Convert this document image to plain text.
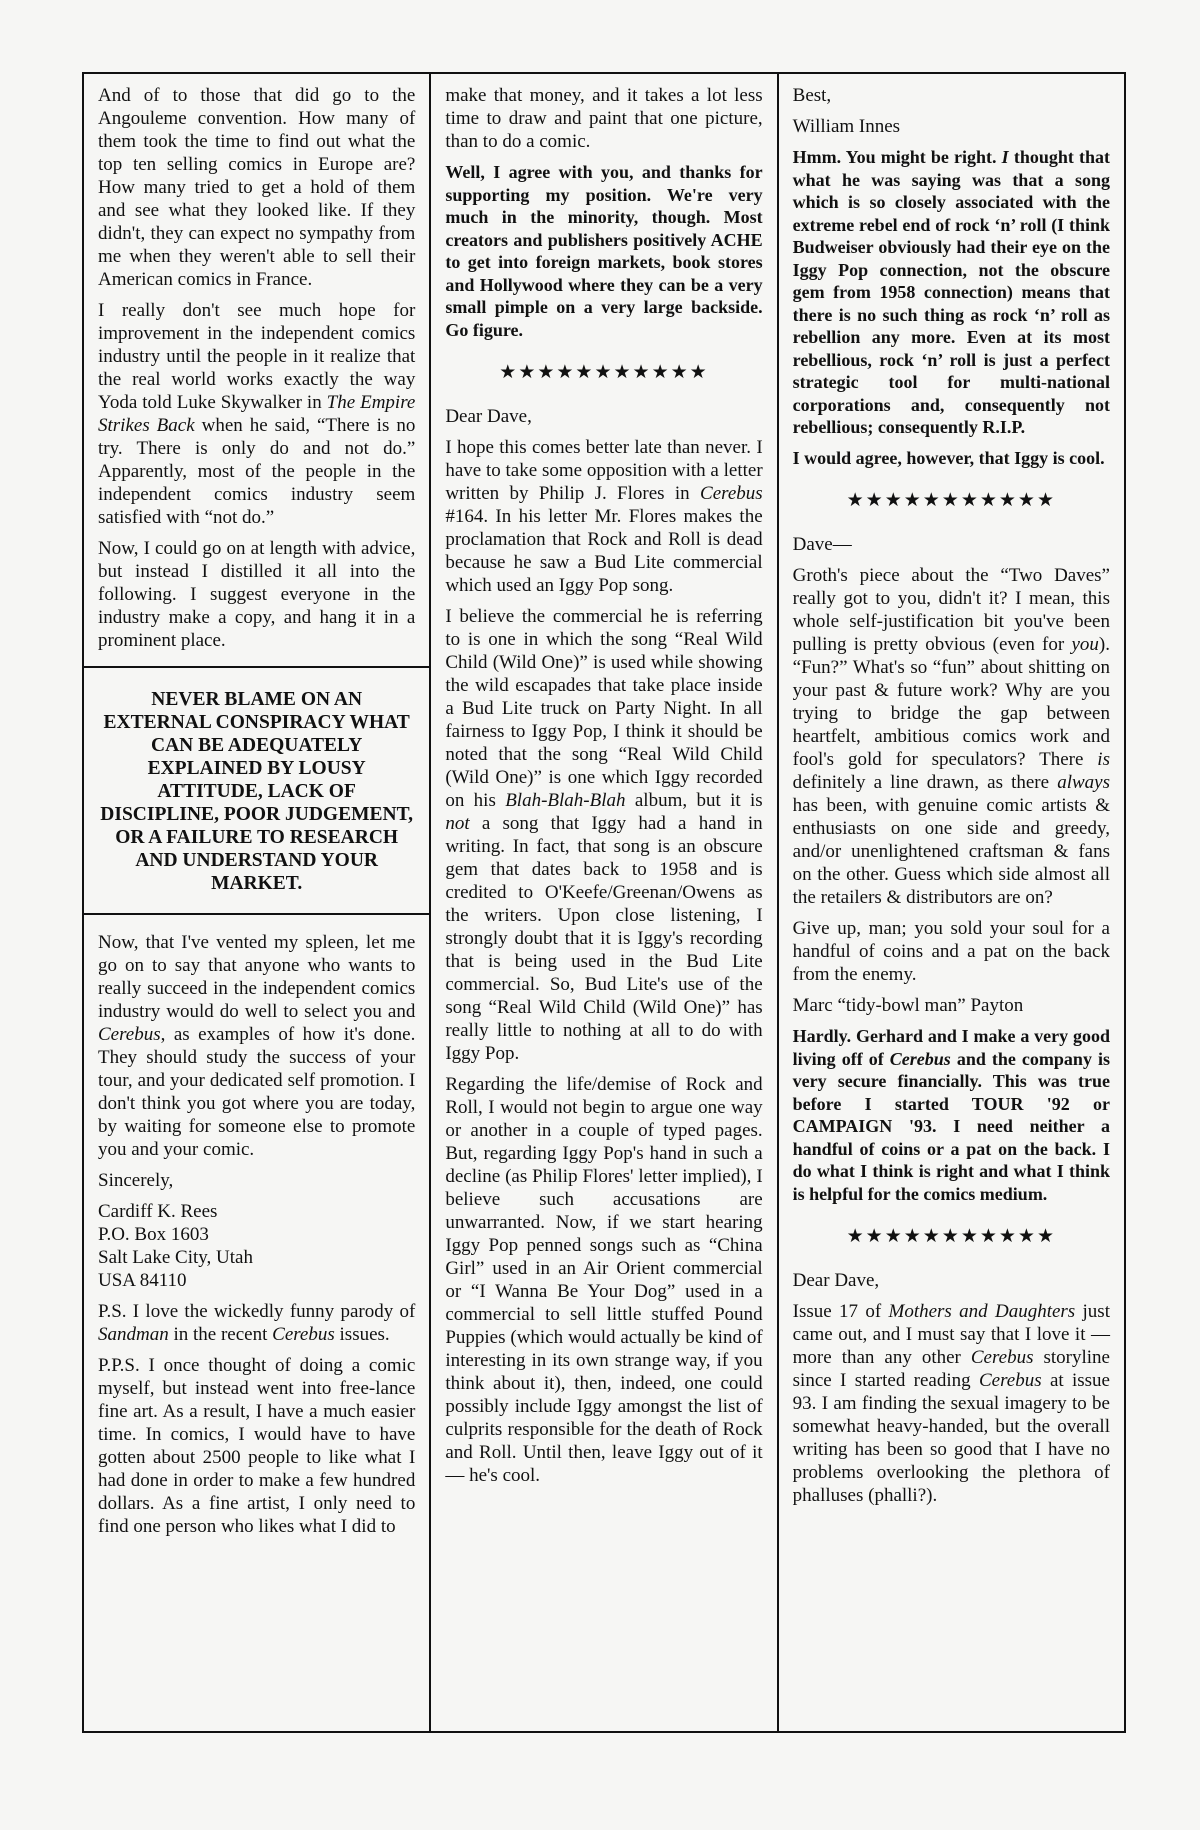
And of to those that did go to the Angouleme convention. How many of them took the time to find out what the top ten selling comics in Europe are? How many tried to get a hold of them and see what they looked like. If they didn't, they can expect no sympathy from me when they weren't able to sell their American comics in France.

I really don't see much hope for improvement in the independent comics industry until the people in it realize that the real world works exactly the way Yoda told Luke Skywalker in The Empire Strikes Back when he said, “There is no try. There is only do and not do.” Apparently, most of the people in the independent comics industry seem satisfied with “not do.”

Now, I could go on at length with advice, but instead I distilled it all into the following. I suggest everyone in the industry make a copy, and hang it in a prominent place.

NEVER BLAME ON AN EXTERNAL CONSPIRACY WHAT CAN BE ADEQUATELY EXPLAINED BY LOUSY ATTITUDE, LACK OF DISCIPLINE, POOR JUDGEMENT, OR A FAILURE TO RESEARCH AND UNDERSTAND YOUR MARKET.

Now, that I've vented my spleen, let me go on to say that anyone who wants to really succeed in the independent comics industry would do well to select you and Cerebus, as examples of how it's done. They should study the success of your tour, and your dedicated self promotion. I don't think you got where you are today, by waiting for someone else to promote you and your comic.

Sincerely,

Cardiff K. Rees
P.O. Box 1603
Salt Lake City, Utah
USA 84110

P.S. I love the wickedly funny parody of Sandman in the recent Cerebus issues.

P.P.S. I once thought of doing a comic myself, but instead went into free-lance fine art. As a result, I have a much easier time. In comics, I would have to have gotten about 2500 people to like what I had done in order to make a few hundred dollars. As a fine artist, I only need to find one person who likes what I did to

make that money, and it takes a lot less time to draw and paint that one picture, than to do a comic.

Well, I agree with you, and thanks for supporting my position. We're very much in the minority, though. Most creators and publishers positively ACHE to get into foreign markets, book stores and Hollywood where they can be a very small pimple on a very large backside. Go figure.

★★★★★★★★★★★

Dear Dave,

I hope this comes better late than never. I have to take some opposition with a letter written by Philip J. Flores in Cerebus #164. In his letter Mr. Flores makes the proclamation that Rock and Roll is dead because he saw a Bud Lite commercial which used an Iggy Pop song.

I believe the commercial he is referring to is one in which the song “Real Wild Child (Wild One)” is used while showing the wild escapades that take place inside a Bud Lite truck on Party Night. In all fairness to Iggy Pop, I think it should be noted that the song “Real Wild Child (Wild One)” is one which Iggy recorded on his Blah-Blah-Blah album, but it is not a song that Iggy had a hand in writing. In fact, that song is an obscure gem that dates back to 1958 and is credited to O'Keefe/Greenan/Owens as the writers. Upon close listening, I strongly doubt that it is Iggy's recording that is being used in the Bud Lite commercial. So, Bud Lite's use of the song “Real Wild Child (Wild One)” has really little to nothing at all to do with Iggy Pop.

Regarding the life/demise of Rock and Roll, I would not begin to argue one way or another in a couple of typed pages. But, regarding Iggy Pop's hand in such a decline (as Philip Flores' letter implied), I believe such accusations are unwarranted. Now, if we start hearing Iggy Pop penned songs such as “China Girl” used in an Air Orient commercial or “I Wanna Be Your Dog” used in a commercial to sell little stuffed Pound Puppies (which would actually be kind of interesting in its own strange way, if you think about it), then, indeed, one could possibly include Iggy amongst the list of culprits responsible for the death of Rock and Roll. Until then, leave Iggy out of it — he's cool.

Best,

William Innes

Hmm. You might be right. I thought that what he was saying was that a song which is so closely associated with the extreme rebel end of rock ‘n’ roll (I think Budweiser obviously had their eye on the Iggy Pop connection, not the obscure gem from 1958 connection) means that there is no such thing as rock ‘n’ roll as rebellion any more. Even at its most rebellious, rock ‘n’ roll is just a perfect strategic tool for multi-national corporations and, consequently not rebellious; consequently R.I.P.

I would agree, however, that Iggy is cool.

★★★★★★★★★★★

Dave—

Groth's piece about the “Two Daves” really got to you, didn't it? I mean, this whole self-justification bit you've been pulling is pretty obvious (even for you). “Fun?” What's so “fun” about shitting on your past & future work? Why are you trying to bridge the gap between heartfelt, ambitious comics work and fool's gold for speculators? There is definitely a line drawn, as there always has been, with genuine comic artists & enthusiasts on one side and greedy, and/or unenlightened craftsman & fans on the other. Guess which side almost all the retailers & distributors are on?

Give up, man; you sold your soul for a handful of coins and a pat on the back from the enemy.

Marc “tidy-bowl man” Payton

Hardly. Gerhard and I make a very good living off of Cerebus and the company is very secure financially. This was true before I started TOUR '92 or CAMPAIGN '93. I need neither a handful of coins or a pat on the back. I do what I think is right and what I think is helpful for the comics medium.

★★★★★★★★★★★

Dear Dave,

Issue 17 of Mothers and Daughters just came out, and I must say that I love it — more than any other Cerebus storyline since I started reading Cerebus at issue 93. I am finding the sexual imagery to be somewhat heavy-handed, but the overall writing has been so good that I have no problems overlooking the plethora of phalluses (phalli?).
